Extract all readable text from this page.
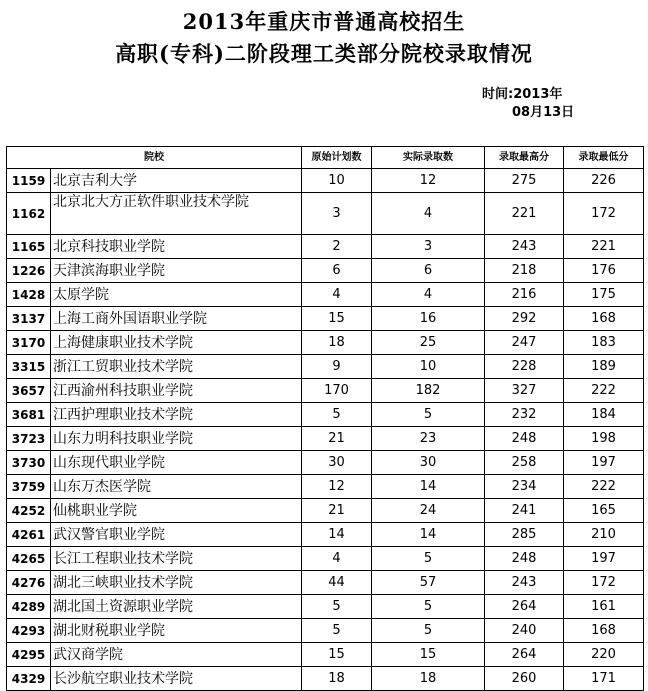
2013年重庆市普通高校招生
高职(专科)二阶段理工类部分院校录取情况
时间:2013年
08月13日
院校		原始计划数	实际录取数	录取最高分	录取最低分
1159	北京吉利大学	10	12	275	226
1162	北京北大方正软件职业技术学院	3	4	221	172
1165	北京科技职业学院	2	3	243	221
1226	天津滨海职业学院	6	6	218	176
1428	太原学院	4	4	216	175
3137	上海工商外国语职业学院	15	16	292	168
3170	上海健康职业技术学院	18	25	247	183
3315	浙江工贸职业技术学院	9	10	228	189
3657	江西渝州科技职业学院	170	182	327	222
3681	江西护理职业技术学院	5	5	232	184
3723	山东力明科技职业学院	21	23	248	198
3730	山东现代职业学院	30	30	258	197
3759	山东万杰医学院	12	14	234	222
4252	仙桃职业学院	21	24	241	165
4261	武汉警官职业学院	14	14	285	210
4265	长江工程职业技术学院	4	5	248	197
4276	湖北三峡职业技术学院	44	57	243	172
4289	湖北国土资源职业学院	5	5	264	161
4293	湖北财税职业学院	5	5	240	168
4295	武汉商学院	15	15	264	220
4329	长沙航空职业技术学院	18	18	260	171
